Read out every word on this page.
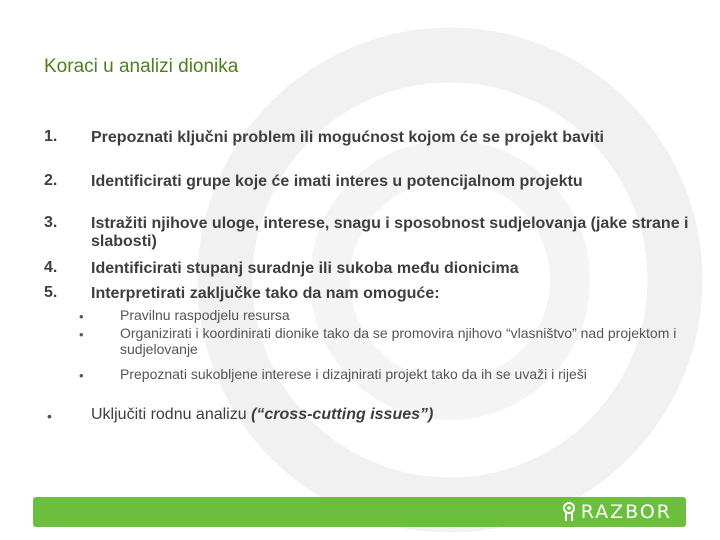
Koraci u analizi dionika
1. Prepoznati ključni problem ili mogućnost kojom će se projekt baviti
2. Identificirati grupe koje će imati interes u potencijalnom projektu
3. Istražiti njihove uloge, interese, snagu i sposobnost sudjelovanja (jake strane i slabosti)
4. Identificirati stupanj suradnje ili sukoba među dionicima
5. Interpretirati zaključke tako da nam omoguće:
•	Pravilnu raspodjelu resursa
•	Organizirati i koordinirati dionike tako da se promovira njihovo “vlasništvo” nad projektom i sudjelovanje
•	Prepoznati sukobljene interese i dizajnirati projekt tako da ih se uvaži i riješi
• Uključiti rodnu analizu (“cross-cutting issues”)
RAZBOR
